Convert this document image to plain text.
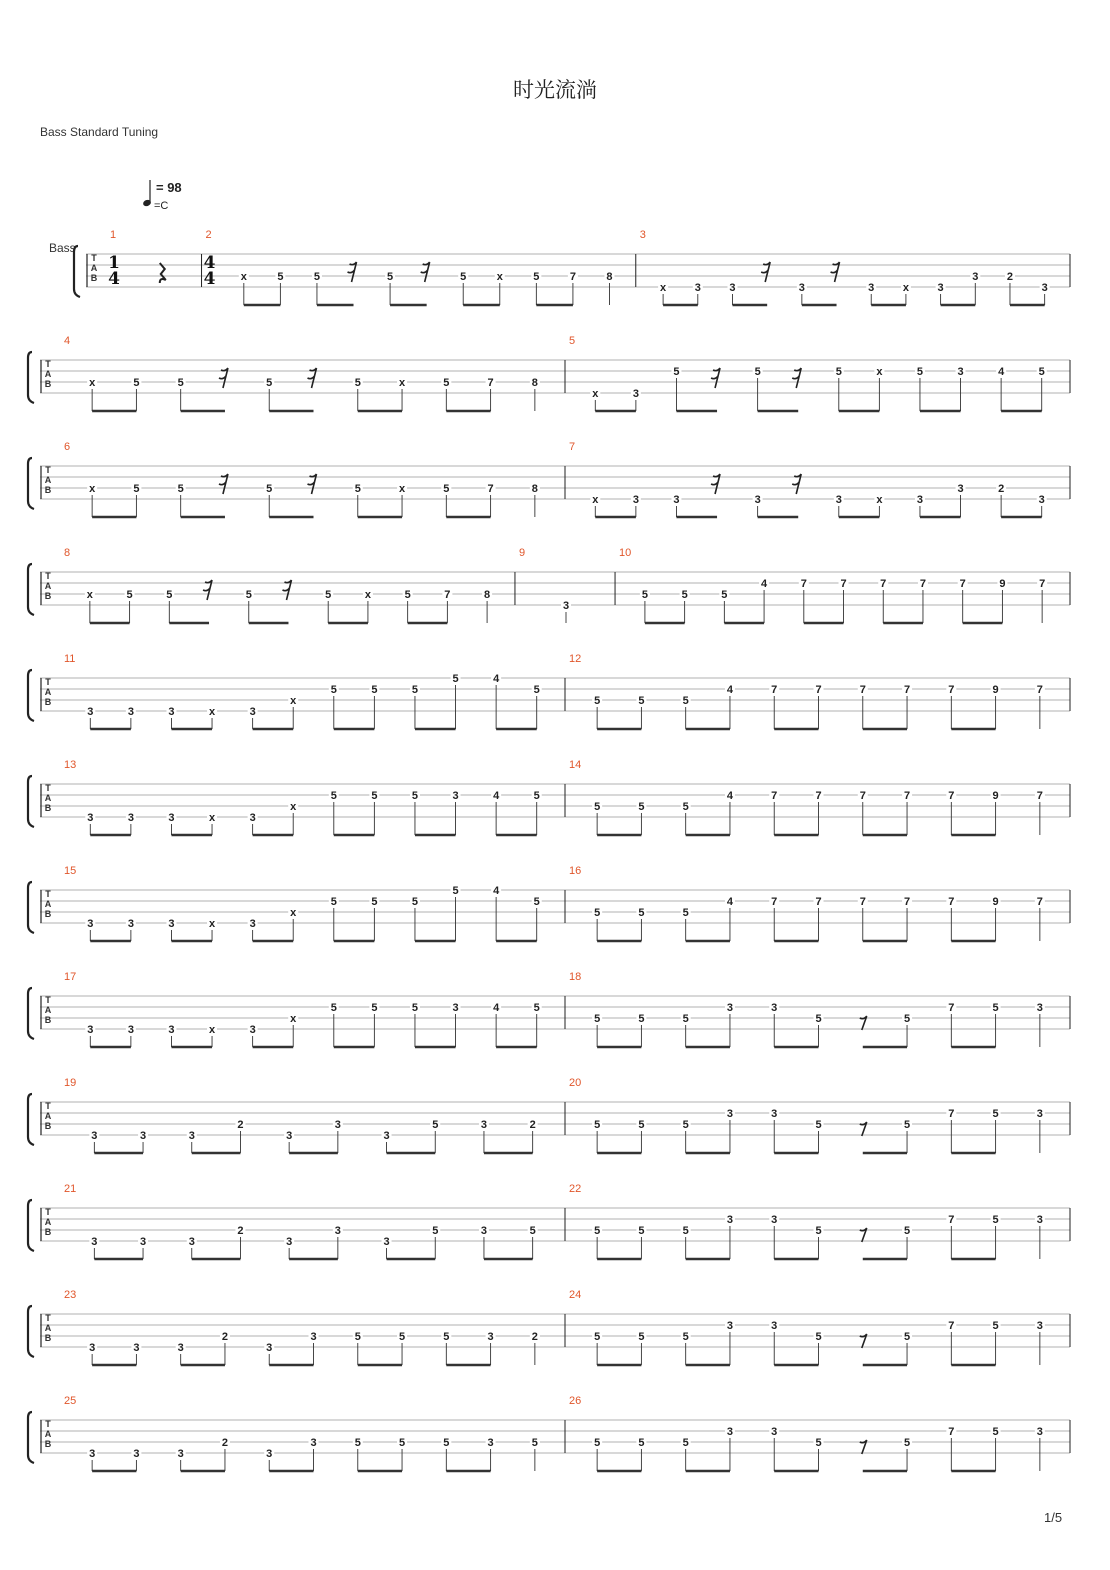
时光流淌
Bass Standard Tuning
= 98
=C
Bass
T
A
B
1
1
4
2
4
4 x	5	5	5	5	x	5	7	8
3
x	3	3	3	3	x	3
3	2
3
T
A
B
4
x	5	5	5	5	x	5	7	8
5
x	3
5	5	5	x	5	3	4	5
T
A
B
6
x	5	5	5	5	x	5	7	8
7
x	3	3	3	3	x	3
3	2
3
T
A
B
8
x	5	5	5	5	x	5	7	8
9
3
10
5	5	5
4	7	7	7	7	7	9	7
T
A
B
11
3	3	3	x	3
x
5	5	5
5	4
5
12
5	5	5
4	7	7	7	7	7	9	7
T
A
B
13
3	3	3	x	3
x
5	5	5	3	4	5
14
5	5	5
4	7	7	7	7	7	9	7
T
A
B
15
3	3	3	x	3
x
5	5	5
5	4
5
16
5	5	5
4	7	7	7	7	7	9	7
T
A
B
17
3	3	3	x	3
x
5	5	5	3	4	5
18
5	5	5
3	3
5	5
7	5	3
T
A
B
19
3	3	3
2
3
3
3
5	3	2
20
5	5	5
3	3
5	5
7	5	3
T
A
B
21
3	3	3
2
3
3
3
5	3	5
22
5	5	5
3	3
5	5
7	5	3
T
A
B
23
3	3	3
2
3
3	5	5	5	3	2
24
5	5	5
3	3
5	5
7	5	3
T
A
B
25
3	3	3
2
3
3	5	5	5	3	5
26
5	5	5
3	3
5	5
7	5	3
1/5
